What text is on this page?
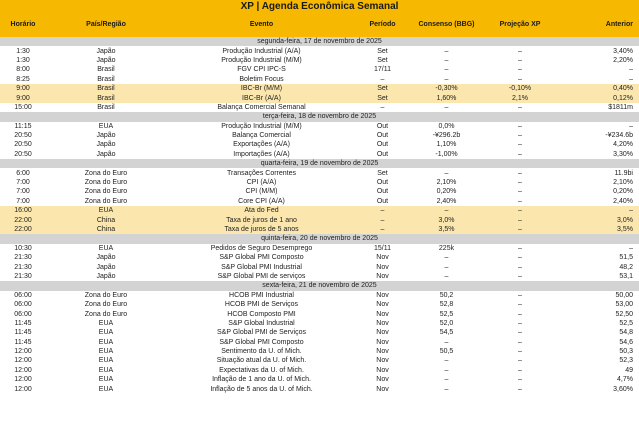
XP | Agenda Econômica Semanal
Horário	País/Região	Evento	Período	Consenso (BBG)	Projeção XP	Anterior
segunda-feira, 17 de novembro de 2025						
1:30	Japão	Produção Industrial (A/A)	Set	–	–	3,40%
1:30	Japão	Produção Industrial (M/M)	Set	–	–	2,20%
8:00	Brasil	FGV CPI IPC-S	17/11	–	–	–
8:25	Brasil	Boletim Focus	–	–	–	–
9:00	Brasil	IBC-Br (M/M)	Set	-0,30%	-0,10%	0,40%
9:00	Brasil	IBC-Br (A/A)	Set	1,60%	2,1%	0,12%
15:00	Brasil	Balança Comercial Semanal	–	–	–	$1811m
terça-feira, 18 de novembro de 2025						
11:15	EUA	Produção Industrial (M/M)	Out	0,0%	–	–
20:50	Japão	Balança Comercial	Out	-¥296.2b	–	-¥234.6b
20:50	Japão	Exportações (A/A)	Out	1,10%	–	4,20%
20:50	Japão	Importações (A/A)	Out	-1,00%	–	3,30%
quarta-feira, 19 de novembro de 2025						
6:00	Zona do Euro	Transações Correntes	Set	–	–	11.9bi
7:00	Zona do Euro	CPI (A/A)	Out	2,10%	–	2,10%
7:00	Zona do Euro	CPI (M/M)	Out	0,20%	–	0,20%
7:00	Zona do Euro	Core CPI (A/A)	Out	2,40%	–	2,40%
16:00	EUA	Ata do Fed	–	–	–	–
22:00	China	Taxa de juros de 1 ano	–	3,0%	–	3,0%
22:00	China	Taxa de juros de 5 anos	–	3,5%	–	3,5%
quinta-feira, 20 de novembro de 2025						
10:30	EUA	Pedidos de Seguro Desemprego	15/11	225k	–	–
21:30	Japão	S&P Global PMI Composto	Nov	–	–	51,5
21:30	Japão	S&P Global PMI Industrial	Nov	–	–	48,2
21:30	Japão	S&P Global PMI de serviços	Nov	–	–	53,1
sexta-feira, 21 de novembro de 2025						
06:00	Zona do Euro	HCOB PMI Industrial	Nov	50,2	–	50,00
06:00	Zona do Euro	HCOB PMI de Serviços	Nov	52,8	–	53,00
06:00	Zona do Euro	HCOB Composto PMI	Nov	52,5	–	52,50
11:45	EUA	S&P Global Industrial	Nov	52,0	–	52,5
11:45	EUA	S&P Global PMI de Serviços	Nov	54,5	–	54,8
11:45	EUA	S&P Global PMI Composto	Nov	–	–	54,6
12:00	EUA	Sentimento da U. of Mich.	Nov	50,5	–	50,3
12:00	EUA	Situação atual da U. of Mich.	Nov	–	–	52,3
12:00	EUA	Expectativas da U. of Mich.	Nov	–	–	49
12:00	EUA	Inflação de 1 ano da U. of Mich.	Nov	–	–	4,7%
12:00	EUA	Inflação de 5 anos da U. of Mich.	Nov	–	–	3,60%
